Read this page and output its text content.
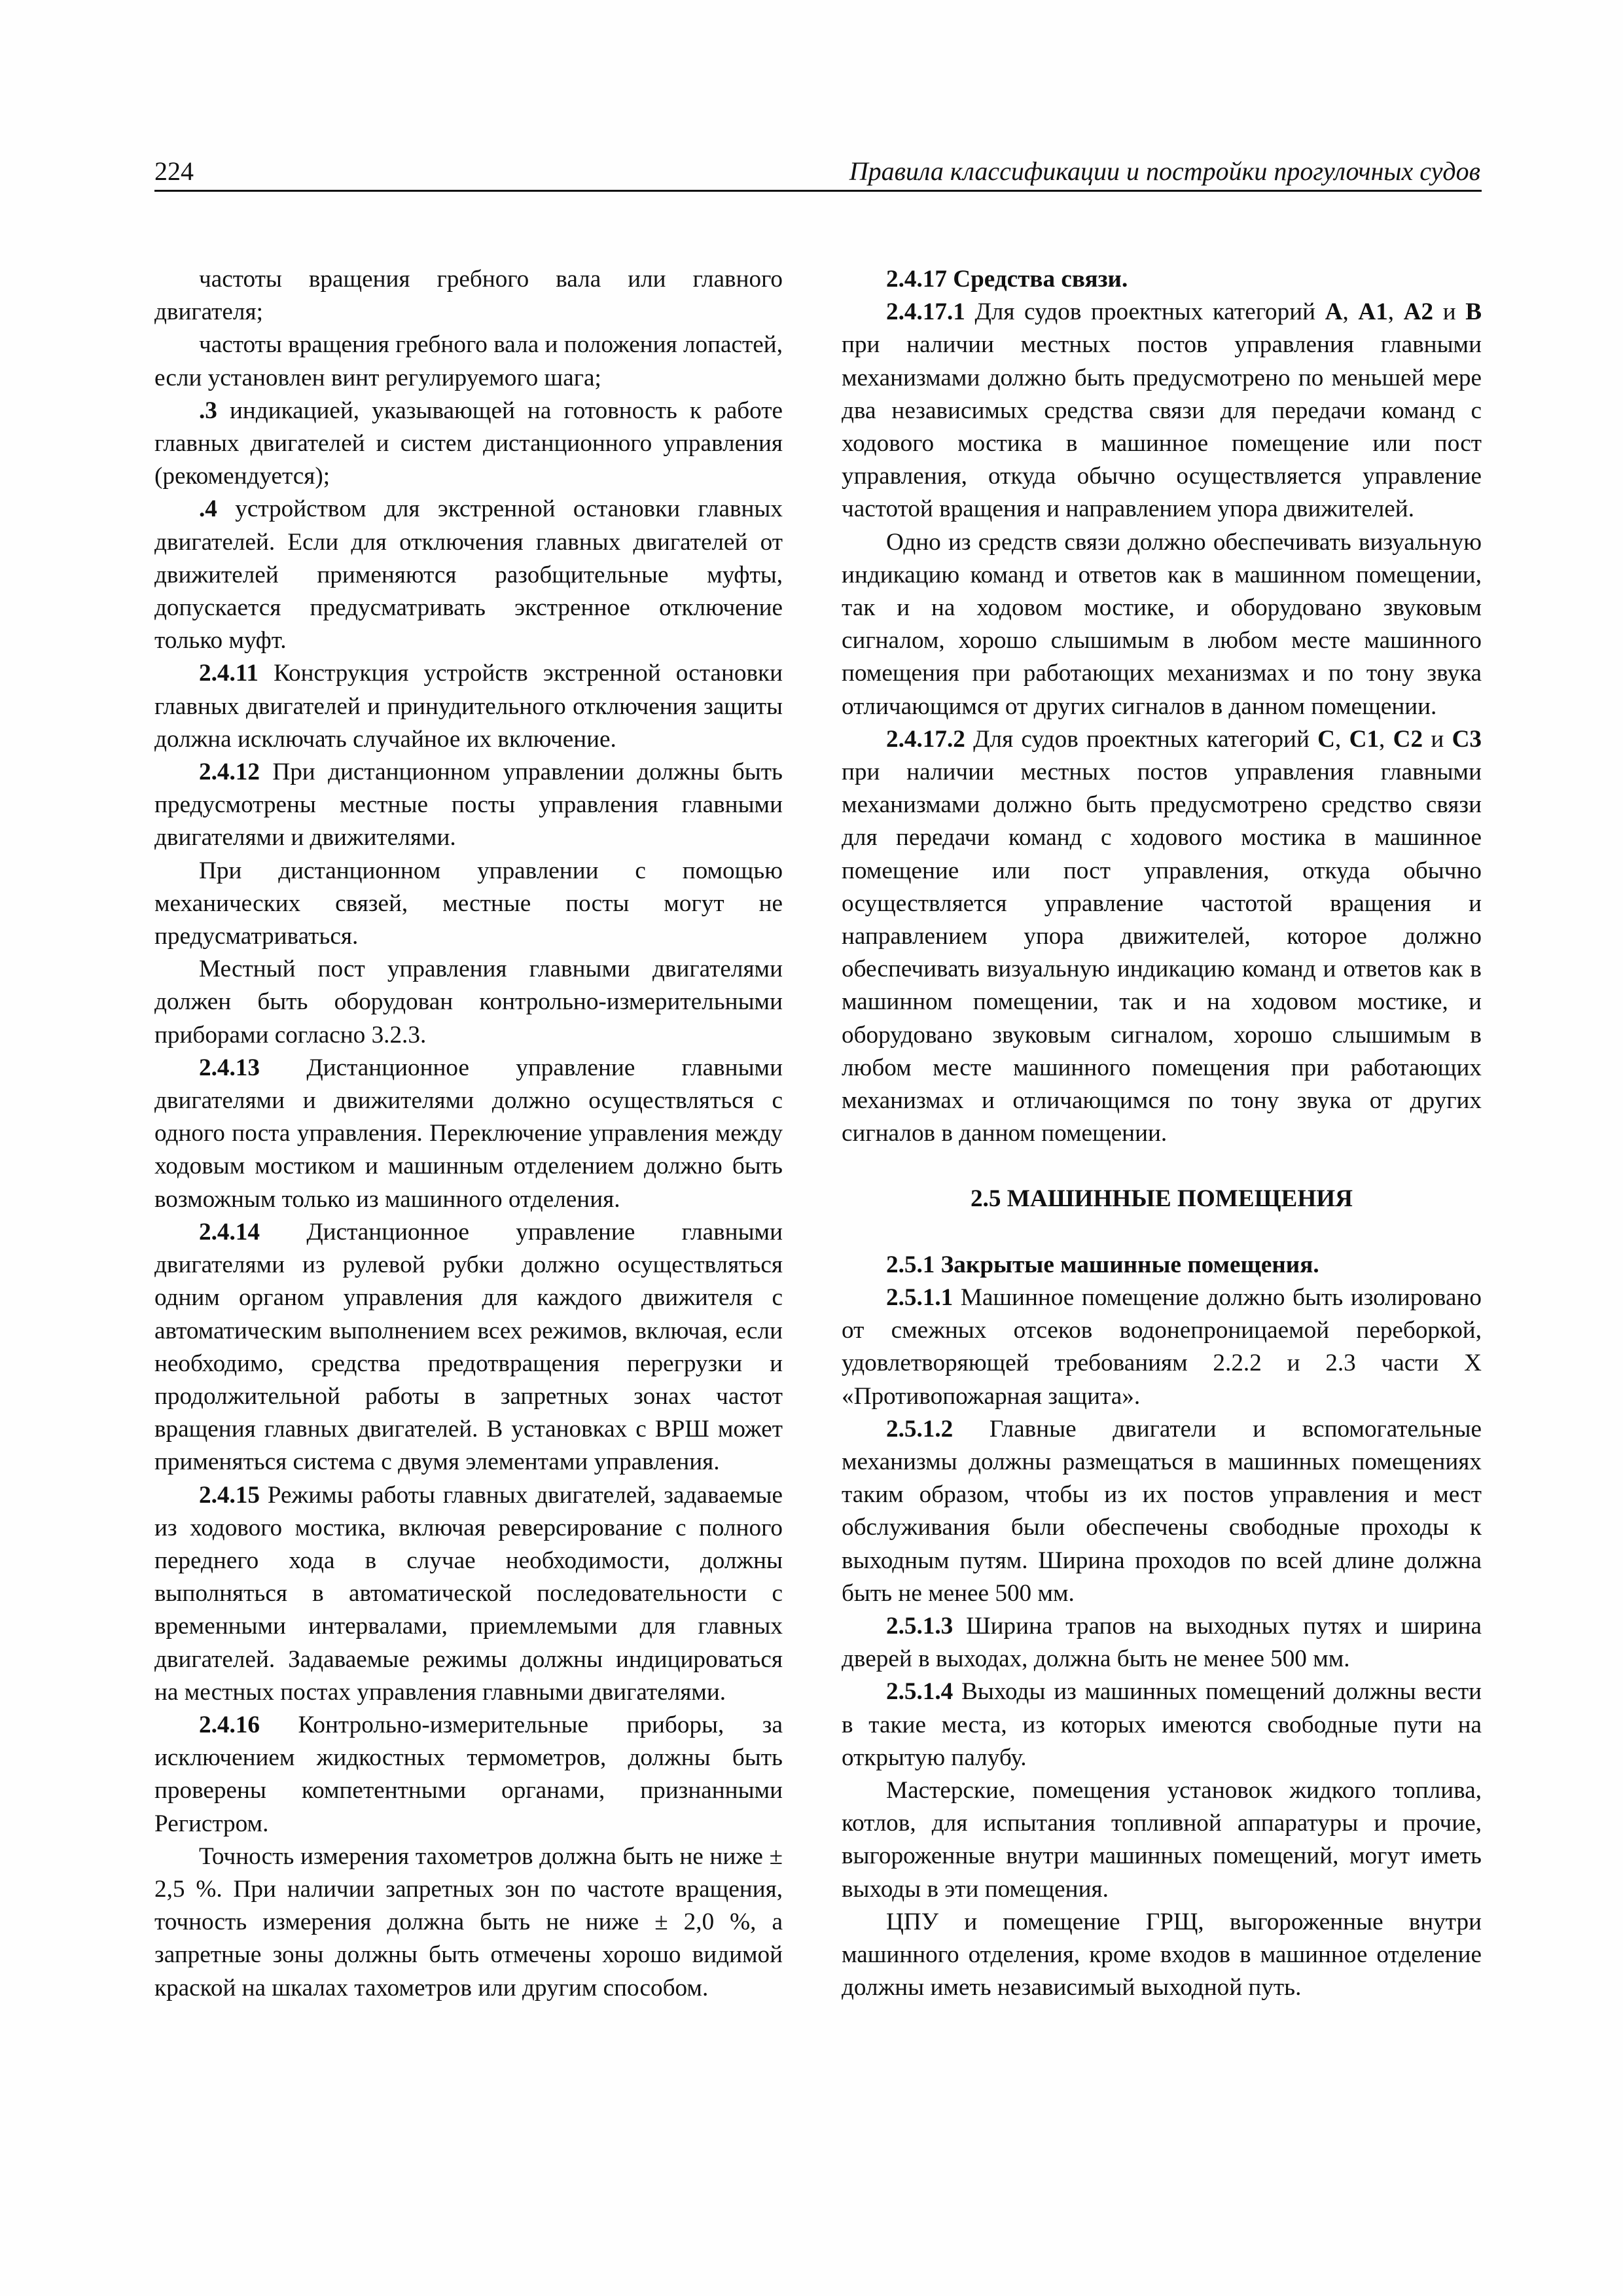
224	Правила классификации и постройки прогулочных судов

частоты вращения гребного вала или главного двигателя;

частоты вращения гребного вала и положения лопастей, если установлен винт регулируемого шага;

.3 индикацией, указывающей на готовность к работе главных двигателей и систем дистанционного управления (рекомендуется);

.4 устройством для экстренной остановки главных двигателей. Если для отключения главных двигателей от движителей применяются разобщительные муфты, допускается предусматривать экстренное отключение только муфт.

2.4.11 Конструкция устройств экстренной остановки главных двигателей и принудительного отключения защиты должна исключать случайное их включение.

2.4.12 При дистанционном управлении должны быть предусмотрены местные посты управления главными двигателями и движителями.

При дистанционном управлении с помощью механических связей, местные посты могут не предусматриваться.

Местный пост управления главными двигателями должен быть оборудован контрольно-измерительными приборами согласно 3.2.3.

2.4.13 Дистанционное управление главными двигателями и движителями должно осуществляться с одного поста управления. Переключение управления между ходовым мостиком и машинным отделением должно быть возможным только из машинного отделения.

2.4.14 Дистанционное управление главными двигателями из рулевой рубки должно осуществляться одним органом управления для каждого движителя с автоматическим выполнением всех режимов, включая, если необходимо, средства предотвращения перегрузки и продолжительной работы в запретных зонах частот вращения главных двигателей. В установках с ВРШ может применяться система с двумя элементами управления.

2.4.15 Режимы работы главных двигателей, задаваемые из ходового мостика, включая реверсирование с полного переднего хода в случае необходимости, должны выполняться в автоматической последовательности с временными интервалами, приемлемыми для главных двигателей. Задаваемые режимы должны индицироваться на местных постах управления главными двигателями.

2.4.16 Контрольно-измерительные приборы, за исключением жидкостных термометров, должны быть проверены компетентными органами, признанными Регистром.

Точность измерения тахометров должна быть не ниже ± 2,5 %. При наличии запретных зон по частоте вращения, точность измерения должна быть не ниже ± 2,0 %, а запретные зоны должны быть отмечены хорошо видимой краской на шкалах тахометров или другим способом.

2.4.17 Средства связи.

2.4.17.1 Для судов проектных категорий А, А1, А2 и В при наличии местных постов управления главными механизмами должно быть предусмотрено по меньшей мере два независимых средства связи для передачи команд с ходового мостика в машинное помещение или пост управления, откуда обычно осуществляется управление частотой вращения и направлением упора движителей.

Одно из средств связи должно обеспечивать визуальную индикацию команд и ответов как в машинном помещении, так и на ходовом мостике, и оборудовано звуковым сигналом, хорошо слышимым в любом месте машинного помещения при работающих механизмах и по тону звука отличающимся от других сигналов в данном помещении.

2.4.17.2 Для судов проектных категорий С, С1, С2 и С3 при наличии местных постов управления главными механизмами должно быть предусмотрено средство связи для передачи команд с ходового мостика в машинное помещение или пост управления, откуда обычно осуществляется управление частотой вращения и направлением упора движителей, которое должно обеспечивать визуальную индикацию команд и ответов как в машинном помещении, так и на ходовом мостике, и оборудовано звуковым сигналом, хорошо слышимым в любом месте машинного помещения при работающих механизмах и отличающимся по тону звука от других сигналов в данном помещении.

2.5 МАШИННЫЕ ПОМЕЩЕНИЯ

2.5.1 Закрытые машинные помещения.

2.5.1.1 Машинное помещение должно быть изолировано от смежных отсеков водонепроницаемой переборкой, удовлетворяющей требованиям 2.2.2 и 2.3 части X «Противопожарная защита».

2.5.1.2 Главные двигатели и вспомогательные механизмы должны размещаться в машинных помещениях таким образом, чтобы из их постов управления и мест обслуживания были обеспечены свободные проходы к выходным путям. Ширина проходов по всей длине должна быть не менее 500 мм.

2.5.1.3 Ширина трапов на выходных путях и ширина дверей в выходах, должна быть не менее 500 мм.

2.5.1.4 Выходы из машинных помещений должны вести в такие места, из которых имеются свободные пути на открытую палубу.

Мастерские, помещения установок жидкого топлива, котлов, для испытания топливной аппаратуры и прочие, выгороженные внутри машинных помещений, могут иметь выходы в эти помещения.

ЦПУ и помещение ГРЩ, выгороженные внутри машинного отделения, кроме входов в машинное отделение должны иметь независимый выходной путь.
